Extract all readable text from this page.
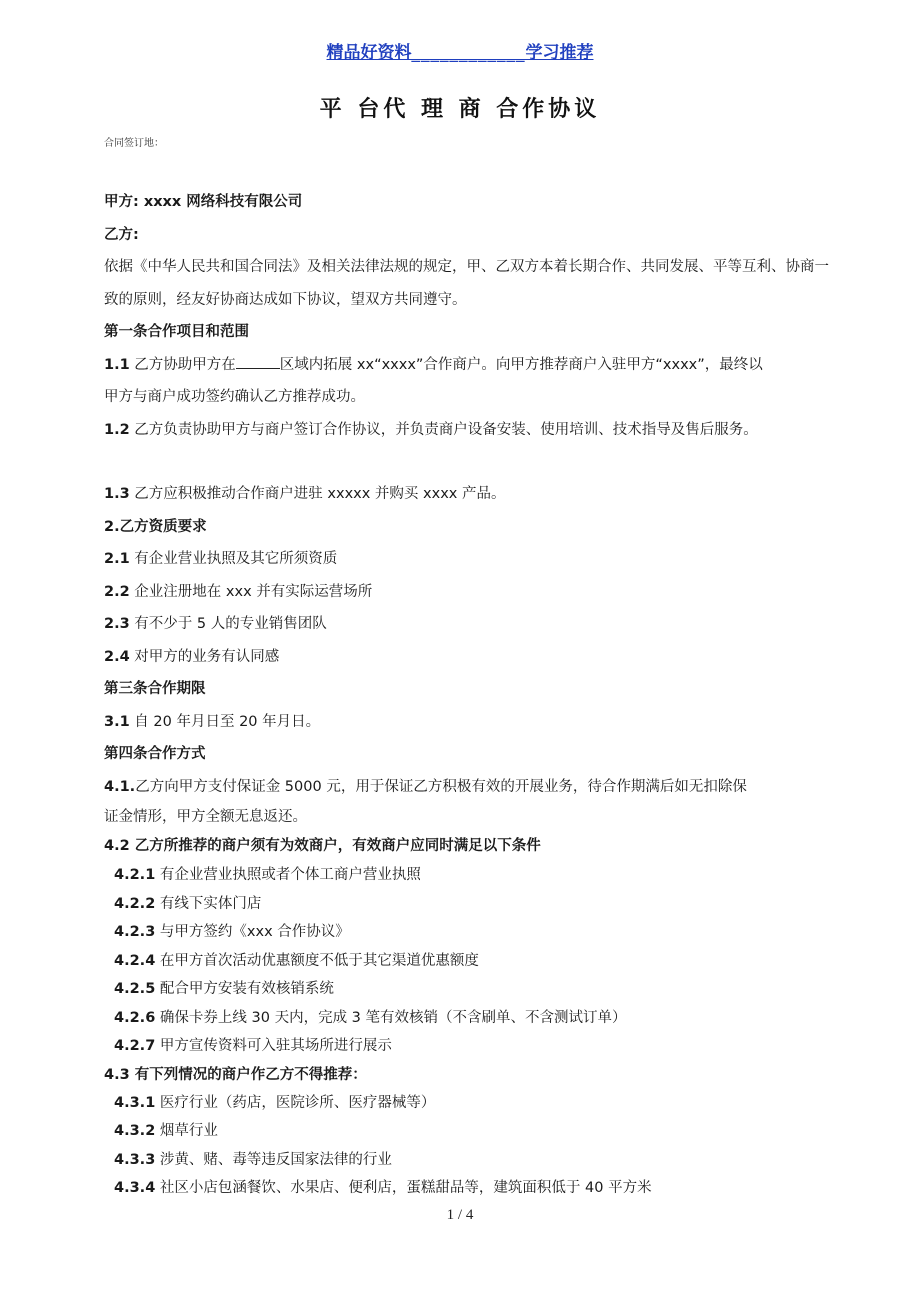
精品好资料____________学习推荐
平 台代 理 商 合作协议
合同签订地：

甲方: xxxx 网络科技有限公司

乙方:

依据《中华人民共和国合同法》及相关法律法规的规定，甲、乙双方本着长期合作、共同发展、平等互利、协商一致的原则，经友好协商达成如下协议，望双方共同遵守。

第一条合作项目和范围

1.1 乙方协助甲方在	区域内拓展 xx“xxxx”合作商户。向甲方推荐商户入驻甲方“xxxx”，最终以

甲方与商户成功签约确认乙方推荐成功。

1.2 乙方负责协助甲方与商户签订合作协议，并负责商户设备安装、使用培训、技术指导及售后服务。

1.3 乙方应积极推动合作商户进驻 xxxxx 并购买 xxxx 产品。

2.乙方资质要求

2.1 有企业营业执照及其它所须资质

2.2 企业注册地在 xxx 并有实际运营场所

2.3 有不少于 5 人的专业销售团队

2.4 对甲方的业务有认同感

第三条合作期限

3.1 自 20 年月日至 20 年月日。

第四条合作方式

4.1.乙方向甲方支付保证金 5000 元，用于保证乙方积极有效的开展业务，待合作期满后如无扣除保

证金情形，甲方全额无息返还。

4.2 乙方所推荐的商户须有为效商户，有效商户应同时满足以下条件

4.2.1 有企业营业执照或者个体工商户营业执照

4.2.2 有线下实体门店

4.2.3 与甲方签约《xxx 合作协议》

4.2.4 在甲方首次活动优惠额度不低于其它渠道优惠额度

4.2.5 配合甲方安装有效核销系统

4.2.6 确保卡券上线 30 天内，完成 3 笔有效核销（不含刷单、不含测试订单）

4.2.7 甲方宣传资料可入驻其场所进行展示

4.3 有下列情况的商户作乙方不得推荐：

4.3.1 医疗行业（药店，医院诊所、医疗器械等）

4.3.2 烟草行业

4.3.3 涉黄、赌、毒等违反国家法律的行业

4.3.4 社区小店包涵餐饮、水果店、便利店，蛋糕甜品等，建筑面积低于 40 平方米

1 / 4
